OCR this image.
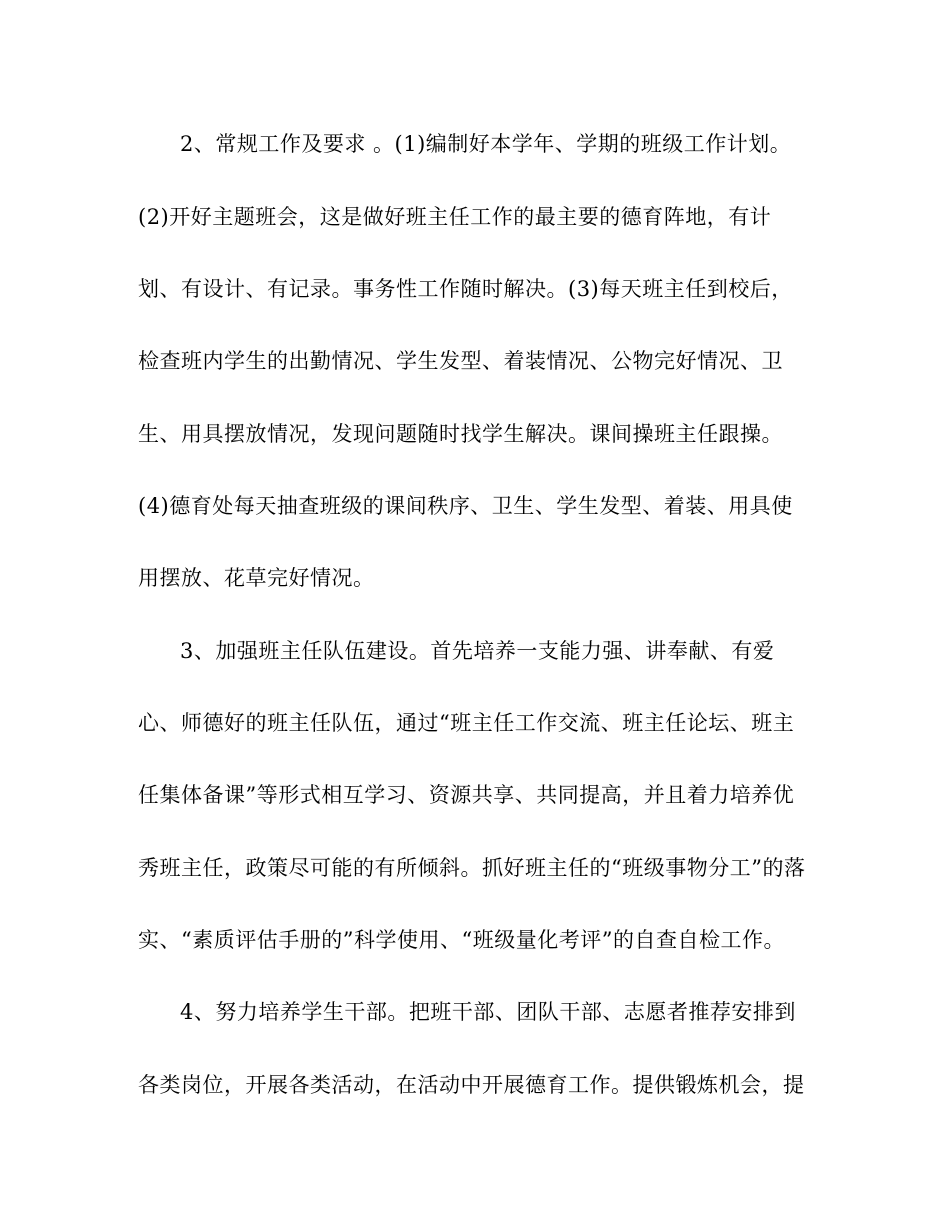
2、常规工作及要求 。(1)编制好本学年、学期的班级工作计划。
(2)开好主题班会，这是做好班主任工作的最主要的德育阵地，有计
划、有设计、有记录。事务性工作随时解决。(3)每天班主任到校后，
检查班内学生的出勤情况、学生发型、着装情况、公物完好情况、卫
生、用具摆放情况，发现问题随时找学生解决。课间操班主任跟操。
(4)德育处每天抽查班级的课间秩序、卫生、学生发型、着装、用具使
用摆放、花草完好情况。
3、加强班主任队伍建设。首先培养一支能力强、讲奉献、有爱
心、师德好的班主任队伍，通过“班主任工作交流、班主任论坛、班主
任集体备课”等形式相互学习、资源共享、共同提高，并且着力培养优
秀班主任，政策尽可能的有所倾斜。抓好班主任的“班级事物分工”的落
实、“素质评估手册的”科学使用、“班级量化考评”的自查自检工作。
4、努力培养学生干部。把班干部、团队干部、志愿者推荐安排到
各类岗位，开展各类活动，在活动中开展德育工作。提供锻炼机会，提
